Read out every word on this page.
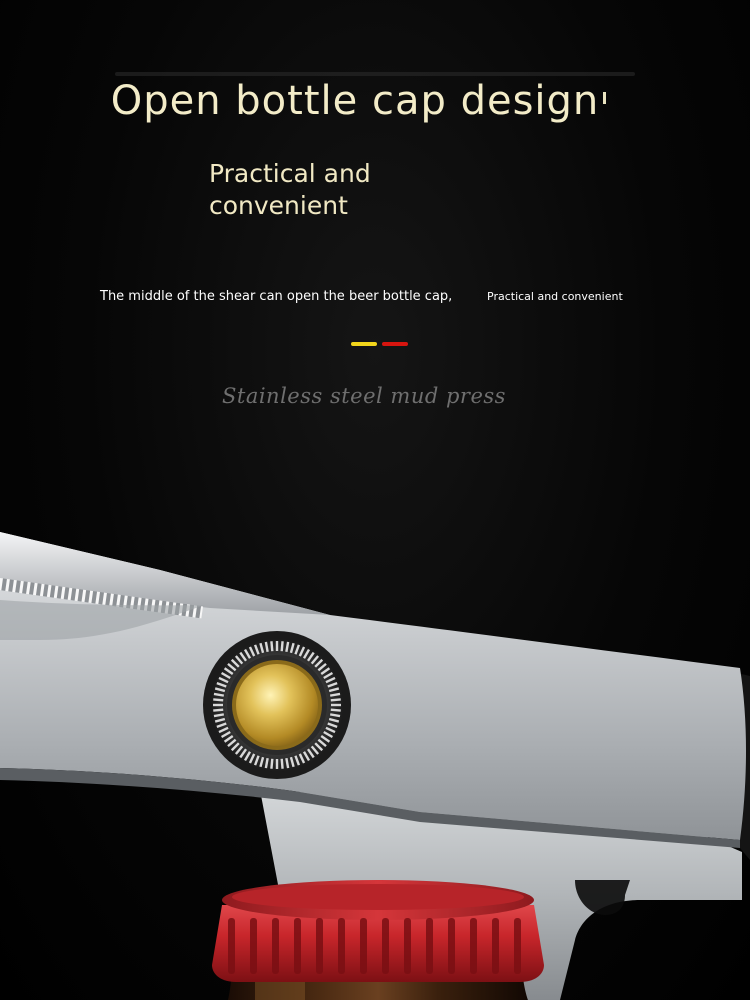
Open bottle cap design
Practical and convenient
The middle of the shear can open the beer bottle cap,	Practical and convenient
Stainless steel mud press
